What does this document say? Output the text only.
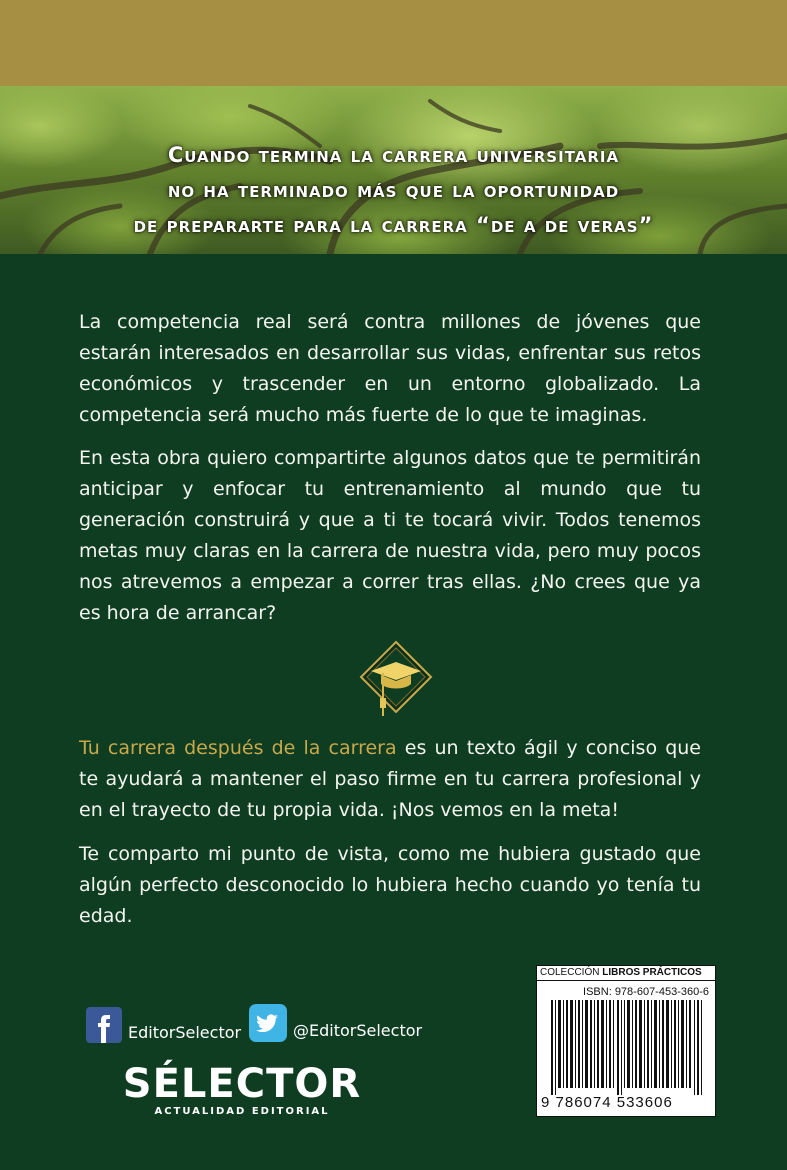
Cuando termina la carrera universitaria
no ha terminado más que la oportunidad
de prepararte para la carrera “de a de veras”

La competencia real será contra millones de jóvenes que estarán interesados en desarrollar sus vidas, enfrentar sus retos económicos y trascender en un entorno globalizado. La competencia será mucho más fuerte de lo que te imaginas.

En esta obra quiero compartirte algunos datos que te permitirán anticipar y enfocar tu entrenamiento al mundo que tu generación construirá y que a ti te tocará vivir. Todos tenemos metas muy claras en la carrera de nuestra vida, pero muy pocos nos atrevemos a empezar a correr tras ellas. ¿No crees que ya es hora de arrancar?

Tu carrera después de la carrera es un texto ágil y conciso que te ayudará a mantener el paso firme en tu carrera profesional y en el trayecto de tu propia vida. ¡Nos vemos en la meta!

Te comparto mi punto de vista, como me hubiera gustado que algún perfecto desconocido lo hubiera hecho cuando yo tenía tu edad.

EditorSelector	@EditorSelector
SÉLECTOR
ACTUALIDAD EDITORIAL
COLECCIÓN LIBROS PRÁCTICOS
ISBN: 978-607-453-360-6
9 786074 533606
